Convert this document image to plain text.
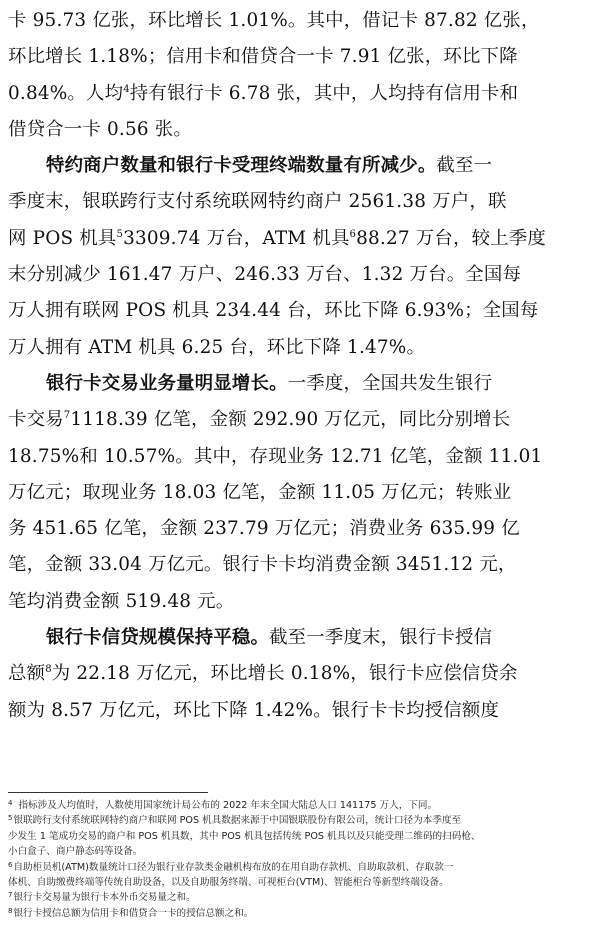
卡 95.73 亿张，环比增长 1.01%。其中，借记卡 87.82 亿张，
环比增长 1.18%；信用卡和借贷合一卡 7.91 亿张，环比下降
0.84%。人均$^4$持有银行卡 6.78 张，其中，人均持有信用卡和
借贷合一卡 0.56 张。
特约商户数量和银行卡受理终端数量有所减少。截至一
季度末，银联跨行支付系统联网特约商户 2561.38 万户，联
网 POS 机具$^5$3309.74 万台，ATM 机具$^6$88.27 万台，较上季度
末分别减少 161.47 万户、246.33 万台、1.32 万台。全国每
万人拥有联网 POS 机具 234.44 台，环比下降 6.93%；全国每
万人拥有 ATM 机具 6.25 台，环比下降 1.47%。
银行卡交易业务量明显增长。一季度，全国共发生银行
卡交易$^7$1118.39 亿笔，金额 292.90 万亿元，同比分别增长
18.75%和 10.57%。其中，存现业务 12.71 亿笔，金额 11.01
万亿元；取现业务 18.03 亿笔，金额 11.05 万亿元；转账业
务 451.65 亿笔，金额 237.79 万亿元；消费业务 635.99 亿
笔，金额 33.04 万亿元。银行卡卡均消费金额 3451.12 元，
笔均消费金额 519.48 元。
银行卡信贷规模保持平稳。截至一季度末，银行卡授信
总额$^8$为 22.18 万亿元，环比增长 0.18%，银行卡应偿信贷余
额为 8.57 万亿元，环比下降 1.42%。银行卡卡均授信额度
$^4$ 指标涉及人均值时，人数使用国家统计局公布的 2022 年末全国大陆总人口 141175 万人，下同。
$^5$银联跨行支付系统联网特约商户和联网 POS 机具数据来源于中国银联股份有限公司，统计口径为本季度至
少发生 1 笔成功交易的商户和 POS 机具数，其中 POS 机具包括传统 POS 机具以及只能受理二维码的扫码枪、
小白盒子、商户静态码等设备。
$^6$自助柜员机(ATM)数量统计口径为银行业存款类金融机构布放的在用自助存款机、自助取款机、存取款一
体机、自助缴费终端等传统自助设备，以及自助服务终端、可视柜台(VTM)、智能柜台等新型终端设备。
$^7$银行卡交易量为银行卡本外币交易量之和。
$^8$银行卡授信总额为信用卡和借贷合一卡的授信总额之和。
